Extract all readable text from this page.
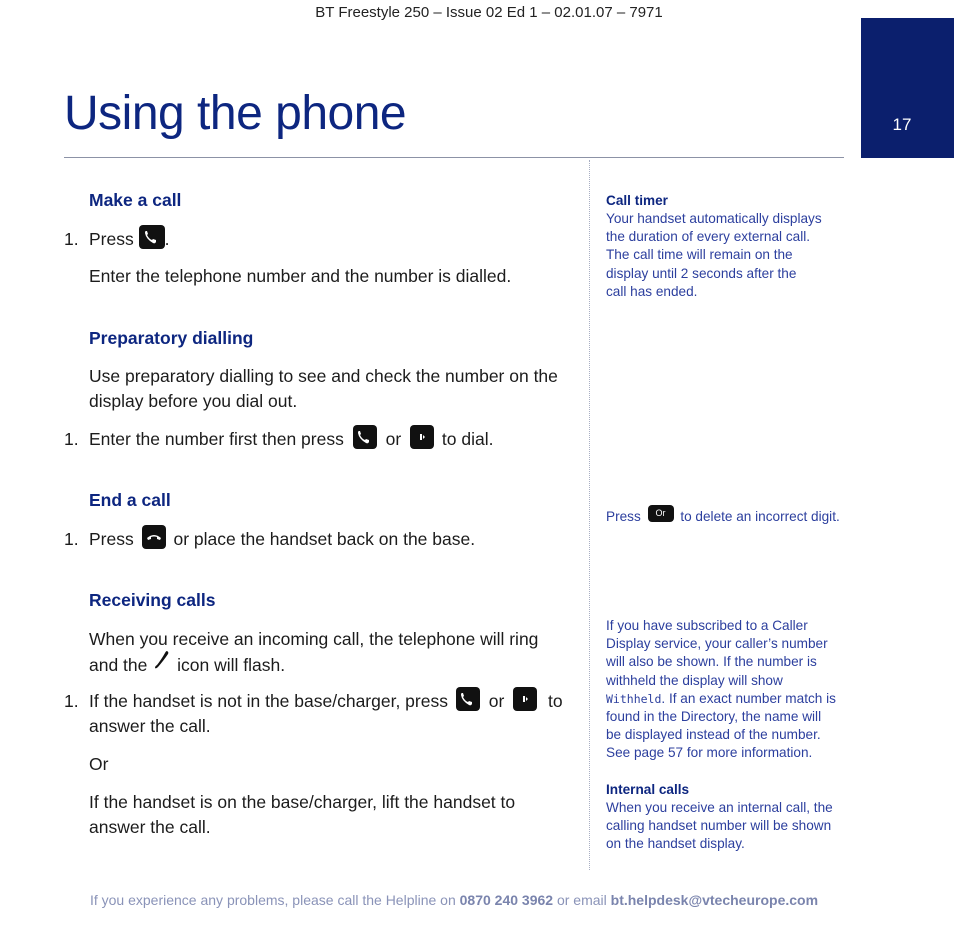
BT Freestyle 250 – Issue 02 Ed 1 – 02.01.07 – 7971
17
Using the phone
Make a call
1. Press .
Enter the telephone number and the number is dialled.
Preparatory dialling
Use preparatory dialling to see and check the number on the
display before you dial out.
1. Enter the number first then press or to dial.
End a call
1. Press or place the handset back on the base.
Receiving calls
When you receive an incoming call, the telephone will ring
and the icon will flash.
1. If the handset is not in the base/charger, press or	to
answer the call.
Or
If the handset is on the base/charger, lift the handset to
answer the call.
Call timer
Your handset automatically displays
the duration of every external call.
The call time will remain on the
display until 2 seconds after the
call has ended.
Press Or to delete an incorrect digit.
If you have subscribed to a Caller
Display service, your caller’s number
will also be shown. If the number is
withheld the display will show
Withheld. If an exact number match is
found in the Directory, the name will
be displayed instead of the number.
See page 57 for more information.
Internal calls
When you receive an internal call, the
calling handset number will be shown
on the handset display.
If you experience any problems, please call the Helpline on 0870 240 3962 or email bt.helpdesk@vtecheurope.com
